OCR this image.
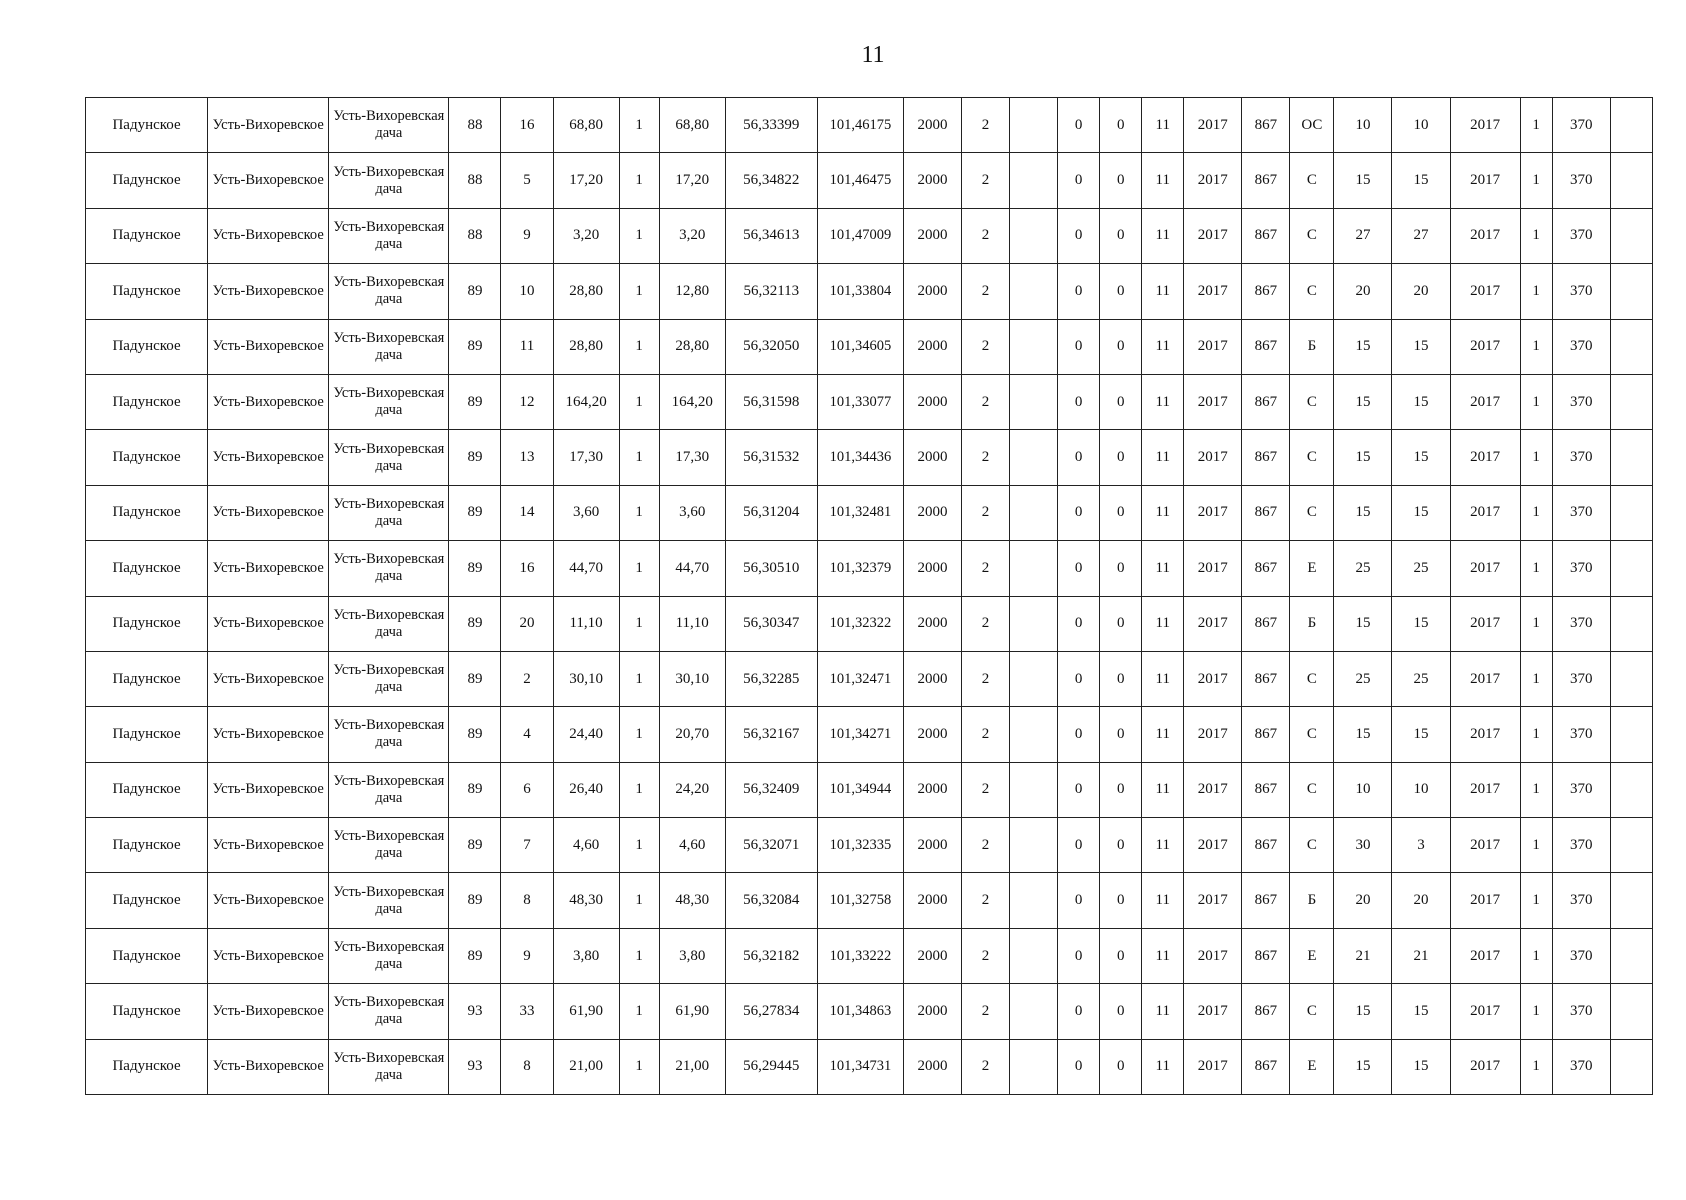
11
Падунское	Усть-Вихоревское	Усть-Вихоревская дача	88	16	68,80	1	68,80	56,33399	101,46175	2000	2		0	0	11	2017	867	ОС	10	10	2017	1	370	
Падунское	Усть-Вихоревское	Усть-Вихоревская дача	88	5	17,20	1	17,20	56,34822	101,46475	2000	2		0	0	11	2017	867	С	15	15	2017	1	370	
Падунское	Усть-Вихоревское	Усть-Вихоревская дача	88	9	3,20	1	3,20	56,34613	101,47009	2000	2		0	0	11	2017	867	С	27	27	2017	1	370	
Падунское	Усть-Вихоревское	Усть-Вихоревская дача	89	10	28,80	1	12,80	56,32113	101,33804	2000	2		0	0	11	2017	867	С	20	20	2017	1	370	
Падунское	Усть-Вихоревское	Усть-Вихоревская дача	89	11	28,80	1	28,80	56,32050	101,34605	2000	2		0	0	11	2017	867	Б	15	15	2017	1	370	
Падунское	Усть-Вихоревское	Усть-Вихоревская дача	89	12	164,20	1	164,20	56,31598	101,33077	2000	2		0	0	11	2017	867	С	15	15	2017	1	370	
Падунское	Усть-Вихоревское	Усть-Вихоревская дача	89	13	17,30	1	17,30	56,31532	101,34436	2000	2		0	0	11	2017	867	С	15	15	2017	1	370	
Падунское	Усть-Вихоревское	Усть-Вихоревская дача	89	14	3,60	1	3,60	56,31204	101,32481	2000	2		0	0	11	2017	867	С	15	15	2017	1	370	
Падунское	Усть-Вихоревское	Усть-Вихоревская дача	89	16	44,70	1	44,70	56,30510	101,32379	2000	2		0	0	11	2017	867	Е	25	25	2017	1	370	
Падунское	Усть-Вихоревское	Усть-Вихоревская дача	89	20	11,10	1	11,10	56,30347	101,32322	2000	2		0	0	11	2017	867	Б	15	15	2017	1	370	
Падунское	Усть-Вихоревское	Усть-Вихоревская дача	89	2	30,10	1	30,10	56,32285	101,32471	2000	2		0	0	11	2017	867	С	25	25	2017	1	370	
Падунское	Усть-Вихоревское	Усть-Вихоревская дача	89	4	24,40	1	20,70	56,32167	101,34271	2000	2		0	0	11	2017	867	С	15	15	2017	1	370	
Падунское	Усть-Вихоревское	Усть-Вихоревская дача	89	6	26,40	1	24,20	56,32409	101,34944	2000	2		0	0	11	2017	867	С	10	10	2017	1	370	
Падунское	Усть-Вихоревское	Усть-Вихоревская дача	89	7	4,60	1	4,60	56,32071	101,32335	2000	2		0	0	11	2017	867	С	30	3	2017	1	370	
Падунское	Усть-Вихоревское	Усть-Вихоревская дача	89	8	48,30	1	48,30	56,32084	101,32758	2000	2		0	0	11	2017	867	Б	20	20	2017	1	370	
Падунское	Усть-Вихоревское	Усть-Вихоревская дача	89	9	3,80	1	3,80	56,32182	101,33222	2000	2		0	0	11	2017	867	Е	21	21	2017	1	370	
Падунское	Усть-Вихоревское	Усть-Вихоревская дача	93	33	61,90	1	61,90	56,27834	101,34863	2000	2		0	0	11	2017	867	С	15	15	2017	1	370	
Падунское	Усть-Вихоревское	Усть-Вихоревская дача	93	8	21,00	1	21,00	56,29445	101,34731	2000	2		0	0	11	2017	867	Е	15	15	2017	1	370	
